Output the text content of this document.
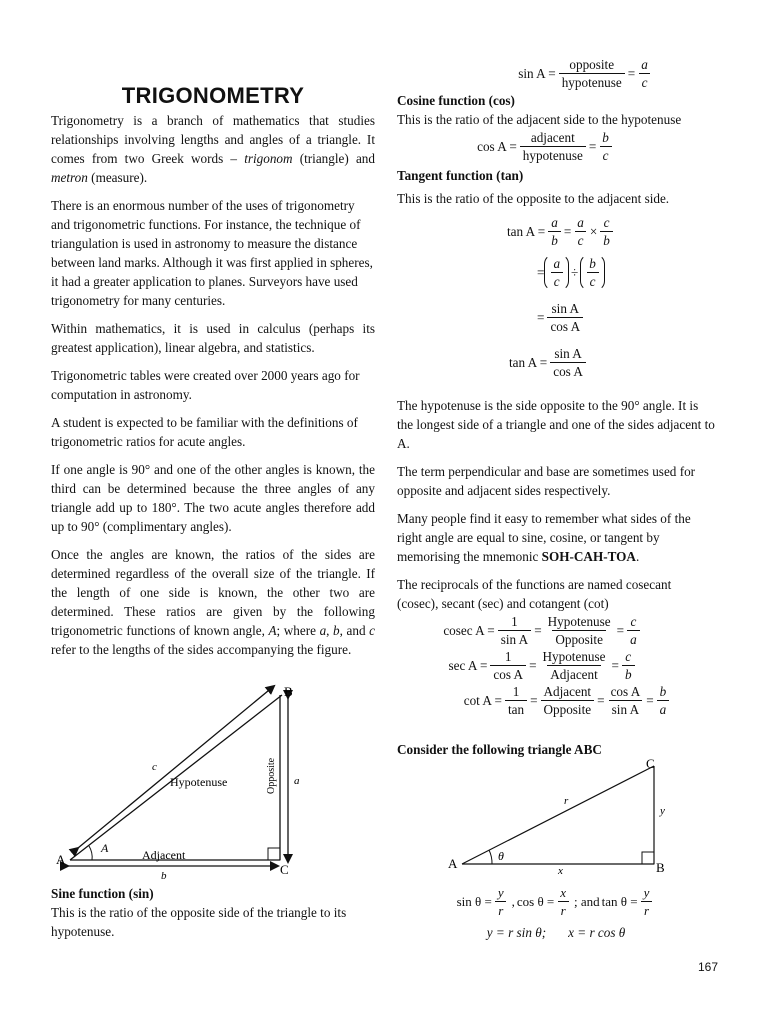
TRIGONOMETRY

Trigonometry is a branch of mathematics that studies relationships involving lengths and angles of a triangle. It comes from two Greek words – trigonom (triangle) and metron (measure).

There is an enormous number of the uses of trigonometry and trigonometric functions. For instance, the technique of triangulation is used in astronomy to measure the distance between land marks. Although it was first applied in spheres, it had a greater application to planes. Surveyors have used trigonometry for many centuries.

Within mathematics, it is used in calculus (perhaps its greatest application), linear algebra, and statistics.

Trigonometric tables were created over 2000 years ago for computation in astronomy.

A student is expected to be familiar with the definitions of trigonometric ratios for acute angles.

If one angle is 90° and one of the other angles is known, the third can be determined because the three angles of any triangle add up to 180°. The two acute angles therefore add up to 90° (complimentary angles).

Once the angles are known, the ratios of the sides are determined regardless of the overall size of the triangle. If the length of one side is known, the other two are determined. These ratios are given by the following trigonometric functions of known angle, A; where a, b, and c refer to the lengths of the sides accompanying the figure.

A
B
C
A
c
Hypotenuse	a
Opposite
Adjacent
b

Sine function (sin)

This is the ratio of the opposite side of the triangle to its hypotenuse.

$\sin A = \frac{\text{opposite}}{\text{hypotenuse}} = \frac{a}{c}$

Cosine function (cos)

This is the ratio of the adjacent side to the hypotenuse

$\cos A = \frac{\text{adjacent}}{\text{hypotenuse}} = \frac{b}{c}$

Tangent function (tan)

This is the ratio of the opposite to the adjacent side.

$\tan A = \frac{a}{b} = \frac{a}{c} \times \frac{c}{b}$
= $\frac{a}{c} \div \frac{b}{c}$
= $\frac{\text{sin A}}{\text{cos A}}$
$\tan A = \frac{\text{sin A}}{\text{cos A}}$

The hypotenuse is the side opposite to the 90° angle. It is the longest side of a triangle and one of the sides adjacent to A.

The term perpendicular and base are sometimes used for opposite and adjacent sides respectively.

Many people find it easy to remember what sides of the right angle are equal to sine, cosine, or tangent by memorising the mnemonic SOH-CAH-TOA.

The reciprocals of the functions are named cosecant (cosec), secant (sec) and cotangent (cot)

cosec $A = \frac{1}{\text{sin A}} = \frac{\text{Hypotenuse}}{\text{Opposite}} = \frac{c}{a}$
$\sec A = \frac{1}{\text{cos A}} = \frac{\text{Hypotenuse}}{\text{Adjacent}} = \frac{c}{b}$
$\cot A = \frac{1}{\tan} = \frac{\text{Adjacent}}{\text{Opposite}} = \frac{\text{cos A}}{\text{sin A}} = \frac{b}{a}$

Consider the following triangle ABC

A	B
C
r
x
y
θ
$\sin \theta = \frac{y}{r}$ , $\cos \theta = \frac{x}{r}$ ; and $\tan \theta = \frac{y}{r}$
y = r sin θ; x = r cos θ
167
